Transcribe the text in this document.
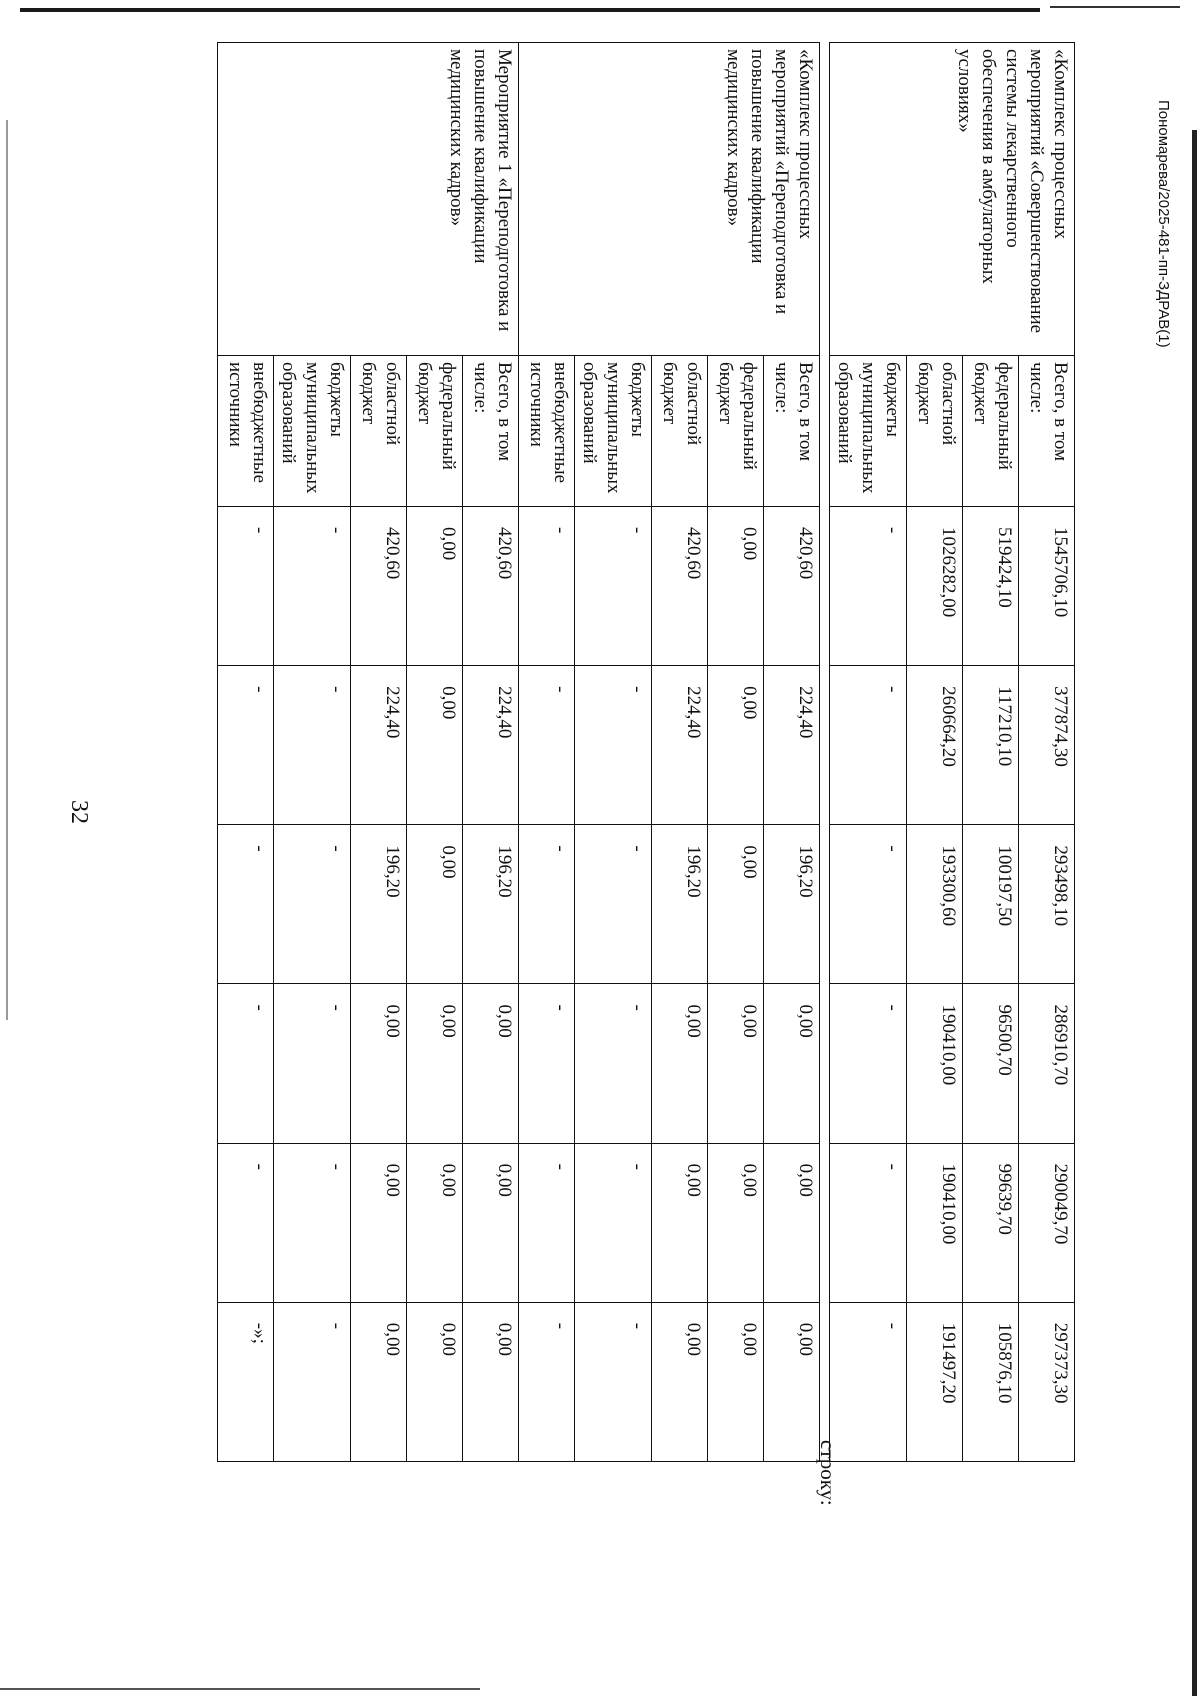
32
Пономарева/2025-481-пп-ЗДРАВ(1)
«Комплекс процессных мероприятий «Переподготовка и повышение квалификации медицинских кадров»	Всего, в том числе:	420,60	224,40	196,20	0,00	0,00	0,00
	федеральный бюджет	0,00	0,00	0,00	0,00	0,00	0,00
	областной бюджет	420,60	224,40	196,20	0,00	0,00	0,00
	бюджеты муниципальных образований	-	-	-	-	-	-
	внебюджетные источники	-	-	-	-	-	-
Мероприятие 1 «Переподготовка и повышение квалификации медицинских кадров»	Всего, в том числе:	420,60	224,40	196,20	0,00	0,00	0,00
	федеральный бюджет	0,00	0,00	0,00	0,00	0,00	0,00
	областной бюджет	420,60	224,40	196,20	0,00	0,00	0,00
	бюджеты муниципальных образований	-	-	-	-	-	-
	внебюджетные источники	-	-	-	-	-	-»;
строку:
«Комплекс процессных мероприятий «Совершенствование системы лекарственного обеспечения в амбулаторных условиях»	Всего, в том числе:	1545706,10	377874,30	293498,10	286910,70	290049,70	297373,30
	федеральный бюджет	519424,10	117210,10	100197,50	96500,70	99639,70	105876,10
	областной бюджет	1026282,00	260664,20	193300,60	190410,00	190410,00	191497,20
	бюджеты муниципальных образований	-	-	-	-	-	-
